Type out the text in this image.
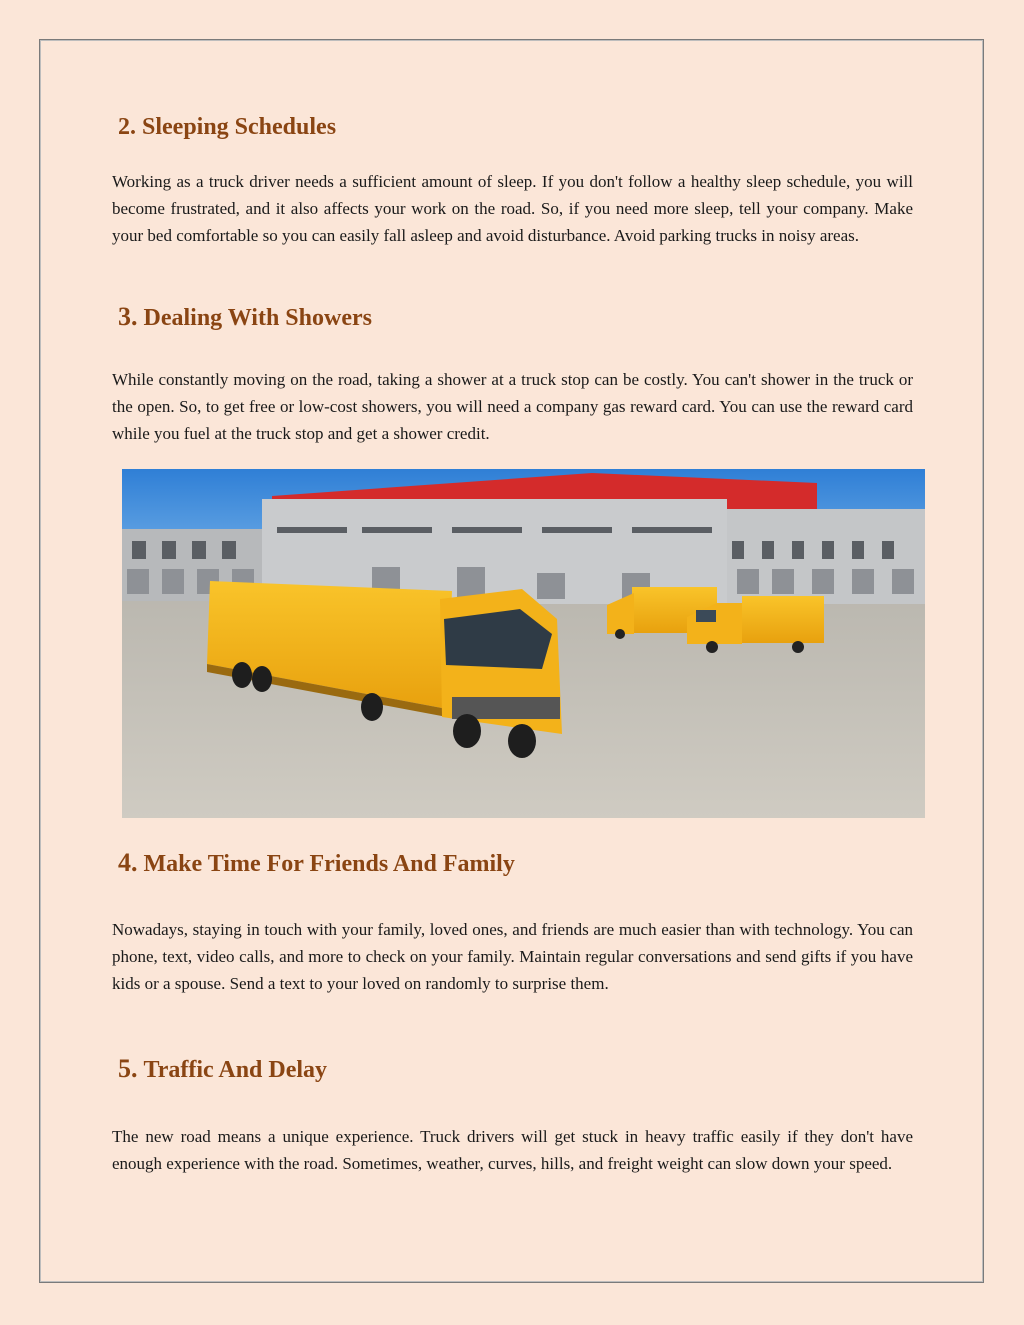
2. Sleeping Schedules

Working as a truck driver needs a sufficient amount of sleep. If you don't follow a healthy sleep schedule, you will become frustrated, and it also affects your work on the road. So, if you need more sleep, tell your company. Make your bed comfortable so you can easily fall asleep and avoid disturbance. Avoid parking trucks in noisy areas.

3. Dealing With Showers

While constantly moving on the road, taking a shower at a truck stop can be costly. You can't shower in the truck or the open. So, to get free or low-cost showers, you will need a company gas reward card. You can use the reward card while you fuel at the truck stop and get a shower credit.

4. Make Time For Friends And Family

Nowadays, staying in touch with your family, loved ones, and friends are much easier than with technology. You can phone, text, video calls, and more to check on your family. Maintain regular conversations and send gifts if you have kids or a spouse. Send a text to your loved on randomly to surprise them.

5. Traffic And Delay

The new road means a unique experience. Truck drivers will get stuck in heavy traffic easily if they don't have enough experience with the road. Sometimes, weather, curves, hills, and freight weight can slow down your speed.
